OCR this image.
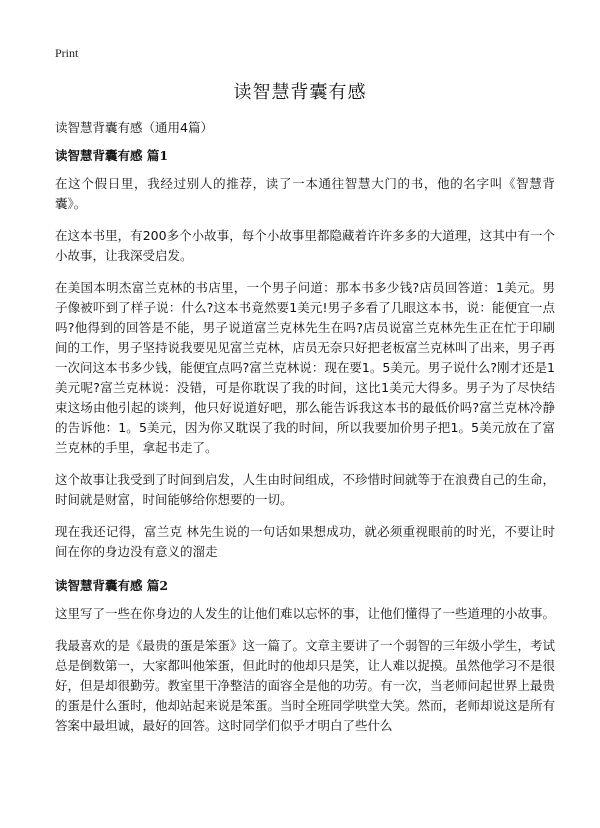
Print
读智慧背囊有感

读智慧背囊有感（通用4篇）

读智慧背囊有感 篇1

在这个假日里，我经过别人的推荐，读了一本通往智慧大门的书，他的名字叫《智慧背囊》。

在这本书里，有200多个小故事，每个小故事里都隐藏着许许多多的大道理，这其中有一个小故事，让我深受启发。

在美国本明杰富兰克林的书店里，一个男子问道：那本书多少钱?店员回答道：1美元。男子像被吓到了样子说：什么?这本书竟然要1美元!男子多看了几眼这本书，说：能便宜一点吗?他得到的回答是不能，男子说道富兰克林先生在吗?店员说富兰克林先生正在忙于印刷间的工作，男子坚持说我要见见富兰克林，店员无奈只好把老板富兰克林叫了出来，男子再一次问这本书多少钱，能便宜点吗?富兰克林说：现在要1。5美元。男子说什么?刚才还是1美元呢?富兰克林说：没错，可是你耽误了我的时间，这比1美元大得多。男子为了尽快结束这场由他引起的谈判，他只好说道好吧，那么能告诉我这本书的最低价吗?富兰克林冷静的告诉他：1。5美元，因为你又耽误了我的时间，所以我要加价男子把1。5美元放在了富兰克林的手里，拿起书走了。

这个故事让我受到了时间到启发，人生由时间组成，不珍惜时间就等于在浪费自己的生命，时间就是财富，时间能够给你想要的一切。

现在我还记得，富兰克 林先生说的一句话如果想成功，就必须重视眼前的时光，不要让时间在你的身边没有意义的溜走

读智慧背囊有感 篇2

这里写了一些在你身边的人发生的让他们难以忘怀的事，让他们懂得了一些道理的小故事。

我最喜欢的是《最贵的蛋是笨蛋》这一篇了。文章主要讲了一个弱智的三年级小学生，考试总是倒数第一，大家都叫他笨蛋，但此时的他却只是笑，让人难以捉摸。虽然他学习不是很好，但是却很勤劳。教室里干净整洁的面容全是他的功劳。有一次，当老师问起世界上最贵的蛋是什么蛋时，他却站起来说是笨蛋。当时全班同学哄堂大笑。然而，老师却说这是所有答案中最坦诚，最好的回答。这时同学们似乎才明白了些什么
